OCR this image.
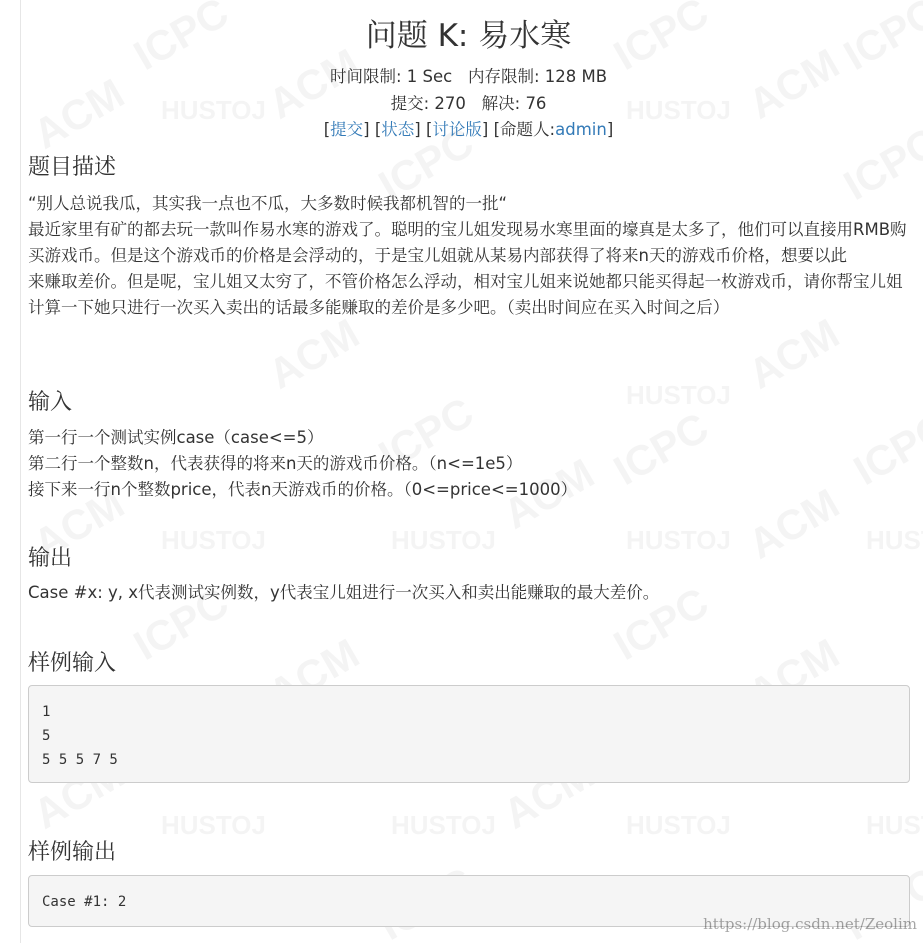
问题 K: 易水寒
时间限制: 1 Sec 内存限制: 128 MB
提交: 270 解决: 76
[提交] [状态] [讨论版] [命题人:admin]
题目描述

“别人总说我瓜，其实我一点也不瓜，大多数时候我都机智的一批“

最近家里有矿的都去玩一款叫作易水寒的游戏了。聪明的宝儿姐发现易水寒里面的壕真是太多了，他们可以直接用RMB购买游戏币。但是这个游戏币的价格是会浮动的，于是宝儿姐就从某易内部获得了将来n天的游戏币价格，想要以此

来赚取差价。但是呢，宝儿姐又太穷了，不管价格怎么浮动，相对宝儿姐来说她都只能买得起一枚游戏币，请你帮宝儿姐计算一下她只进行一次买入卖出的话最多能赚取的差价是多少吧。（卖出时间应在买入时间之后）

输入

第一行一个测试实例case（case<=5）

第二行一个整数n，代表获得的将来n天的游戏币价格。（n<=1e5）

接下来一行n个整数price，代表n天游戏币的价格。（0<=price<=1000）

输出

Case #x: y, x代表测试实例数，y代表宝儿姐进行一次买入和卖出能赚取的最大差价。

样例输入
1
5
5 5 5 7 5
样例输出
Case #1: 2
https://blog.csdn.net/Zeolim
